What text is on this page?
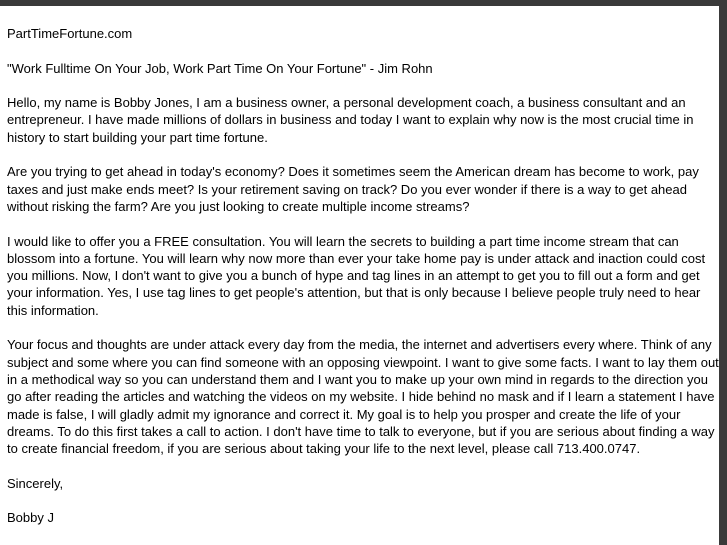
PartTimeFortune.com

"Work Fulltime On Your Job, Work Part Time On Your Fortune" - Jim Rohn

Hello, my name is Bobby Jones, I am a business owner, a personal development coach, a business consultant and an entrepreneur. I have made millions of dollars in business and today I want to explain why now is the most crucial time in history to start building your part time fortune.

Are you trying to get ahead in today's economy? Does it sometimes seem the American dream has become to work, pay taxes and just make ends meet? Is your retirement saving on track? Do you ever wonder if there is a way to get ahead without risking the farm? Are you just looking to create multiple income streams?

I would like to offer you a FREE consultation. You will learn the secrets to building a part time income stream that can blossom into a fortune. You will learn why now more than ever your take home pay is under attack and inaction could cost you millions. Now, I don't want to give you a bunch of hype and tag lines in an attempt to get you to fill out a form and get your information. Yes, I use tag lines to get people's attention, but that is only because I believe people truly need to hear this information.

Your focus and thoughts are under attack every day from the media, the internet and advertisers every where. Think of any subject and some where you can find someone with an opposing viewpoint. I want to give some facts. I want to lay them out in a methodical way so you can understand them and I want you to make up your own mind in regards to the direction you go after reading the articles and watching the videos on my website. I hide behind no mask and if I learn a statement I have made is false, I will gladly admit my ignorance and correct it. My goal is to help you prosper and create the life of your dreams. To do this first takes a call to action. I don't have time to talk to everyone, but if you are serious about finding a way to create financial freedom, if you are serious about taking your life to the next level, please call 713.400.0747.

Sincerely,

Bobby J
